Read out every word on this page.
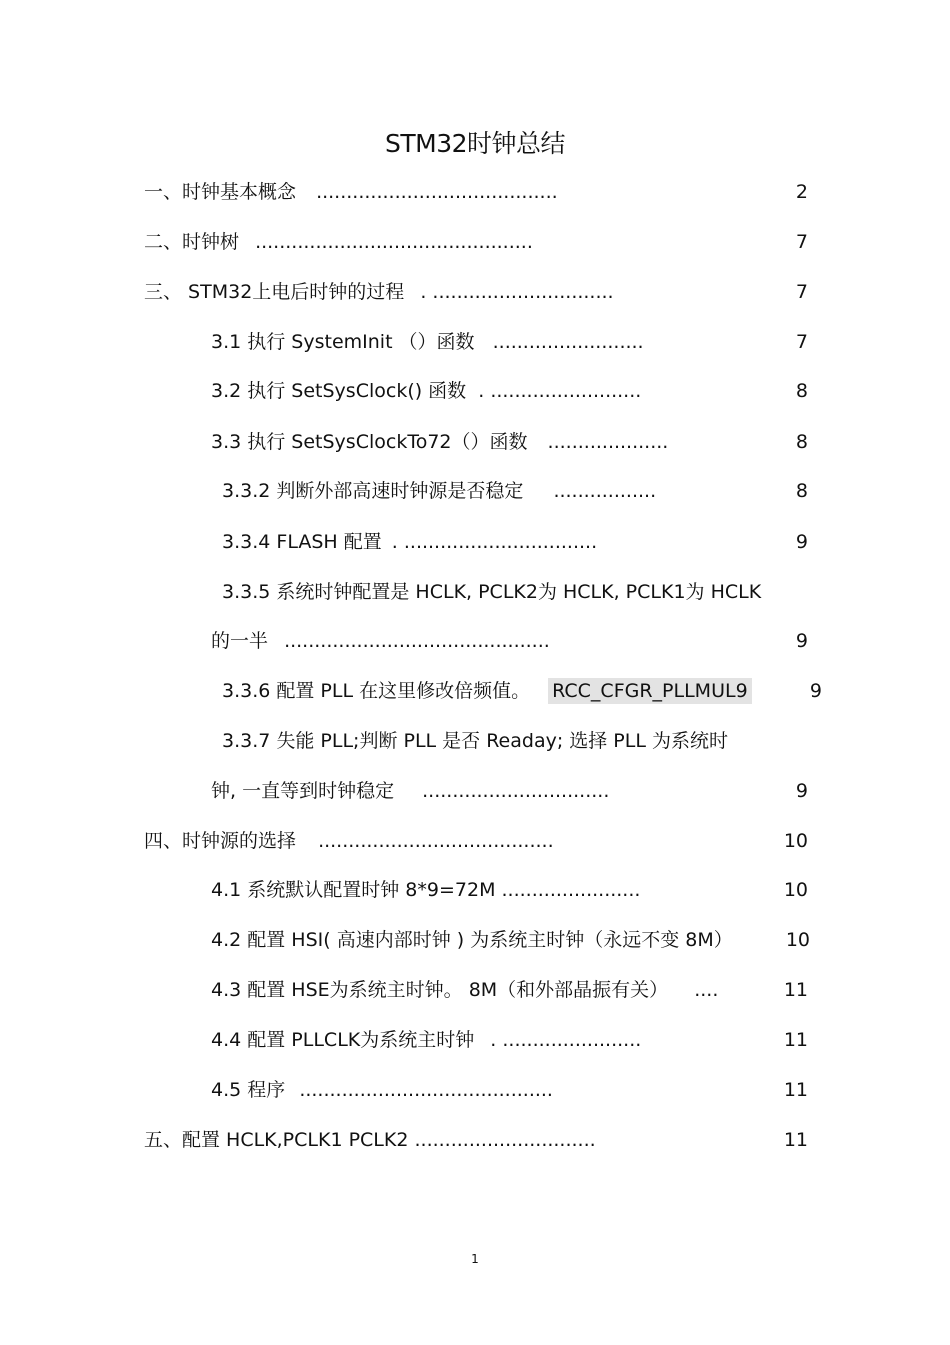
STM32时钟总结
一、时钟基本概念 ........................................	2
二、时钟树 ..............................................	7
三、 STM32上电后时钟的过程 . ..............................	7
3.1 执行 SystemInit （）函数 .........................	7
3.2 执行 SetSysClock() 函数 . .........................	8
3.3 执行 SetSysClockTo72（）函数 ....................	8
3.3.2 判断外部高速时钟源是否稳定 .................	8
3.3.4 FLASH 配置 . ................................	9
3.3.5 系统时钟配置是 HCLK, PCLK2为 HCLK, PCLK1为 HCLK
的一半 ............................................	9
3.3.6 配置 PLL 在这里修改倍频值。 RCC_CFGR_PLLMUL9	9
3.3.7 失能 PLL;判断 PLL 是否 Readay; 选择 PLL 为系统时
钟, 一直等到时钟稳定 ...............................	9
四、时钟源的选择 .......................................	10
4.1 系统默认配置时钟 8*9=72M .......................	10
4.2 配置 HSI( 高速内部时钟 ) 为系统主时钟（永远不变 8M）	10
4.3 配置 HSE为系统主时钟。 8M（和外部晶振有关） ....	11
4.4 配置 PLLCLK为系统主时钟 . .......................	11
4.5 程序 ..........................................	11
五、配置 HCLK,PCLK1 PCLK2 ..............................	11
1
